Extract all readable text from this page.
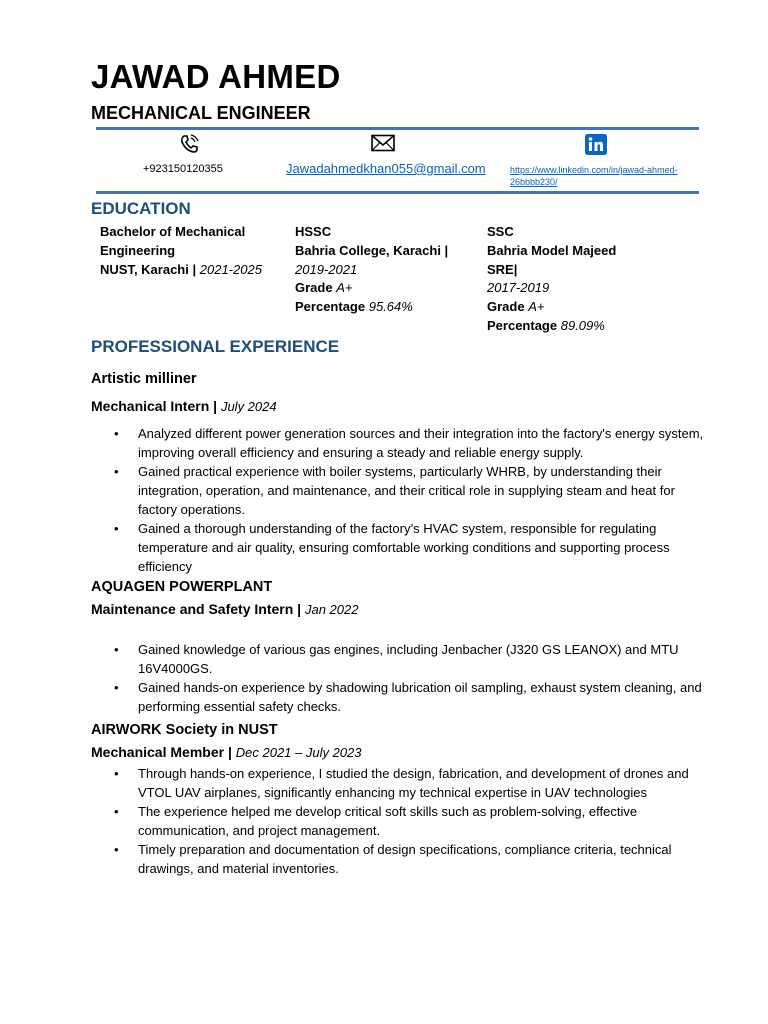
JAWAD AHMED
MECHANICAL ENGINEER
+923150120355	Jawadahmedkhan055@gmail.com	https://www.linkedin.com/in/jawad-ahmed-
26bbbb230/
EDUCATION
Bachelor of Mechanical
Engineering
NUST, Karachi | 2021-2025
HSSC
Bahria College, Karachi |
2019-2021
Grade A+
Percentage 95.64%
SSC
Bahria Model Majeed
SRE|
2017-2019
Grade A+
Percentage 89.09%
PROFESSIONAL EXPERIENCE
Artistic milliner
Mechanical Intern | July 2024
• Analyzed different power generation sources and their integration into the factory's energy system, improving overall efficiency and ensuring a steady and reliable energy supply.
• Gained practical experience with boiler systems, particularly WHRB, by understanding their integration, operation, and maintenance, and their critical role in supplying steam and heat for factory operations.
• Gained a thorough understanding of the factory’s HVAC system, responsible for regulating temperature and air quality, ensuring comfortable working conditions and supporting process efficiency
AQUAGEN POWERPLANT
Maintenance and Safety Intern | Jan 2022
• Gained knowledge of various gas engines, including Jenbacher (J320 GS LEANOX) and MTU 16V4000GS.
• Gained hands-on experience by shadowing lubrication oil sampling, exhaust system cleaning, and performing essential safety checks.
AIRWORK Society in NUST
Mechanical Member | Dec 2021 – July 2023
• Through hands-on experience, I studied the design, fabrication, and development of drones and VTOL UAV airplanes, significantly enhancing my technical expertise in UAV technologies
• The experience helped me develop critical soft skills such as problem-solving, effective communication, and project management.
• Timely preparation and documentation of design specifications, compliance criteria, technical drawings, and material inventories.
